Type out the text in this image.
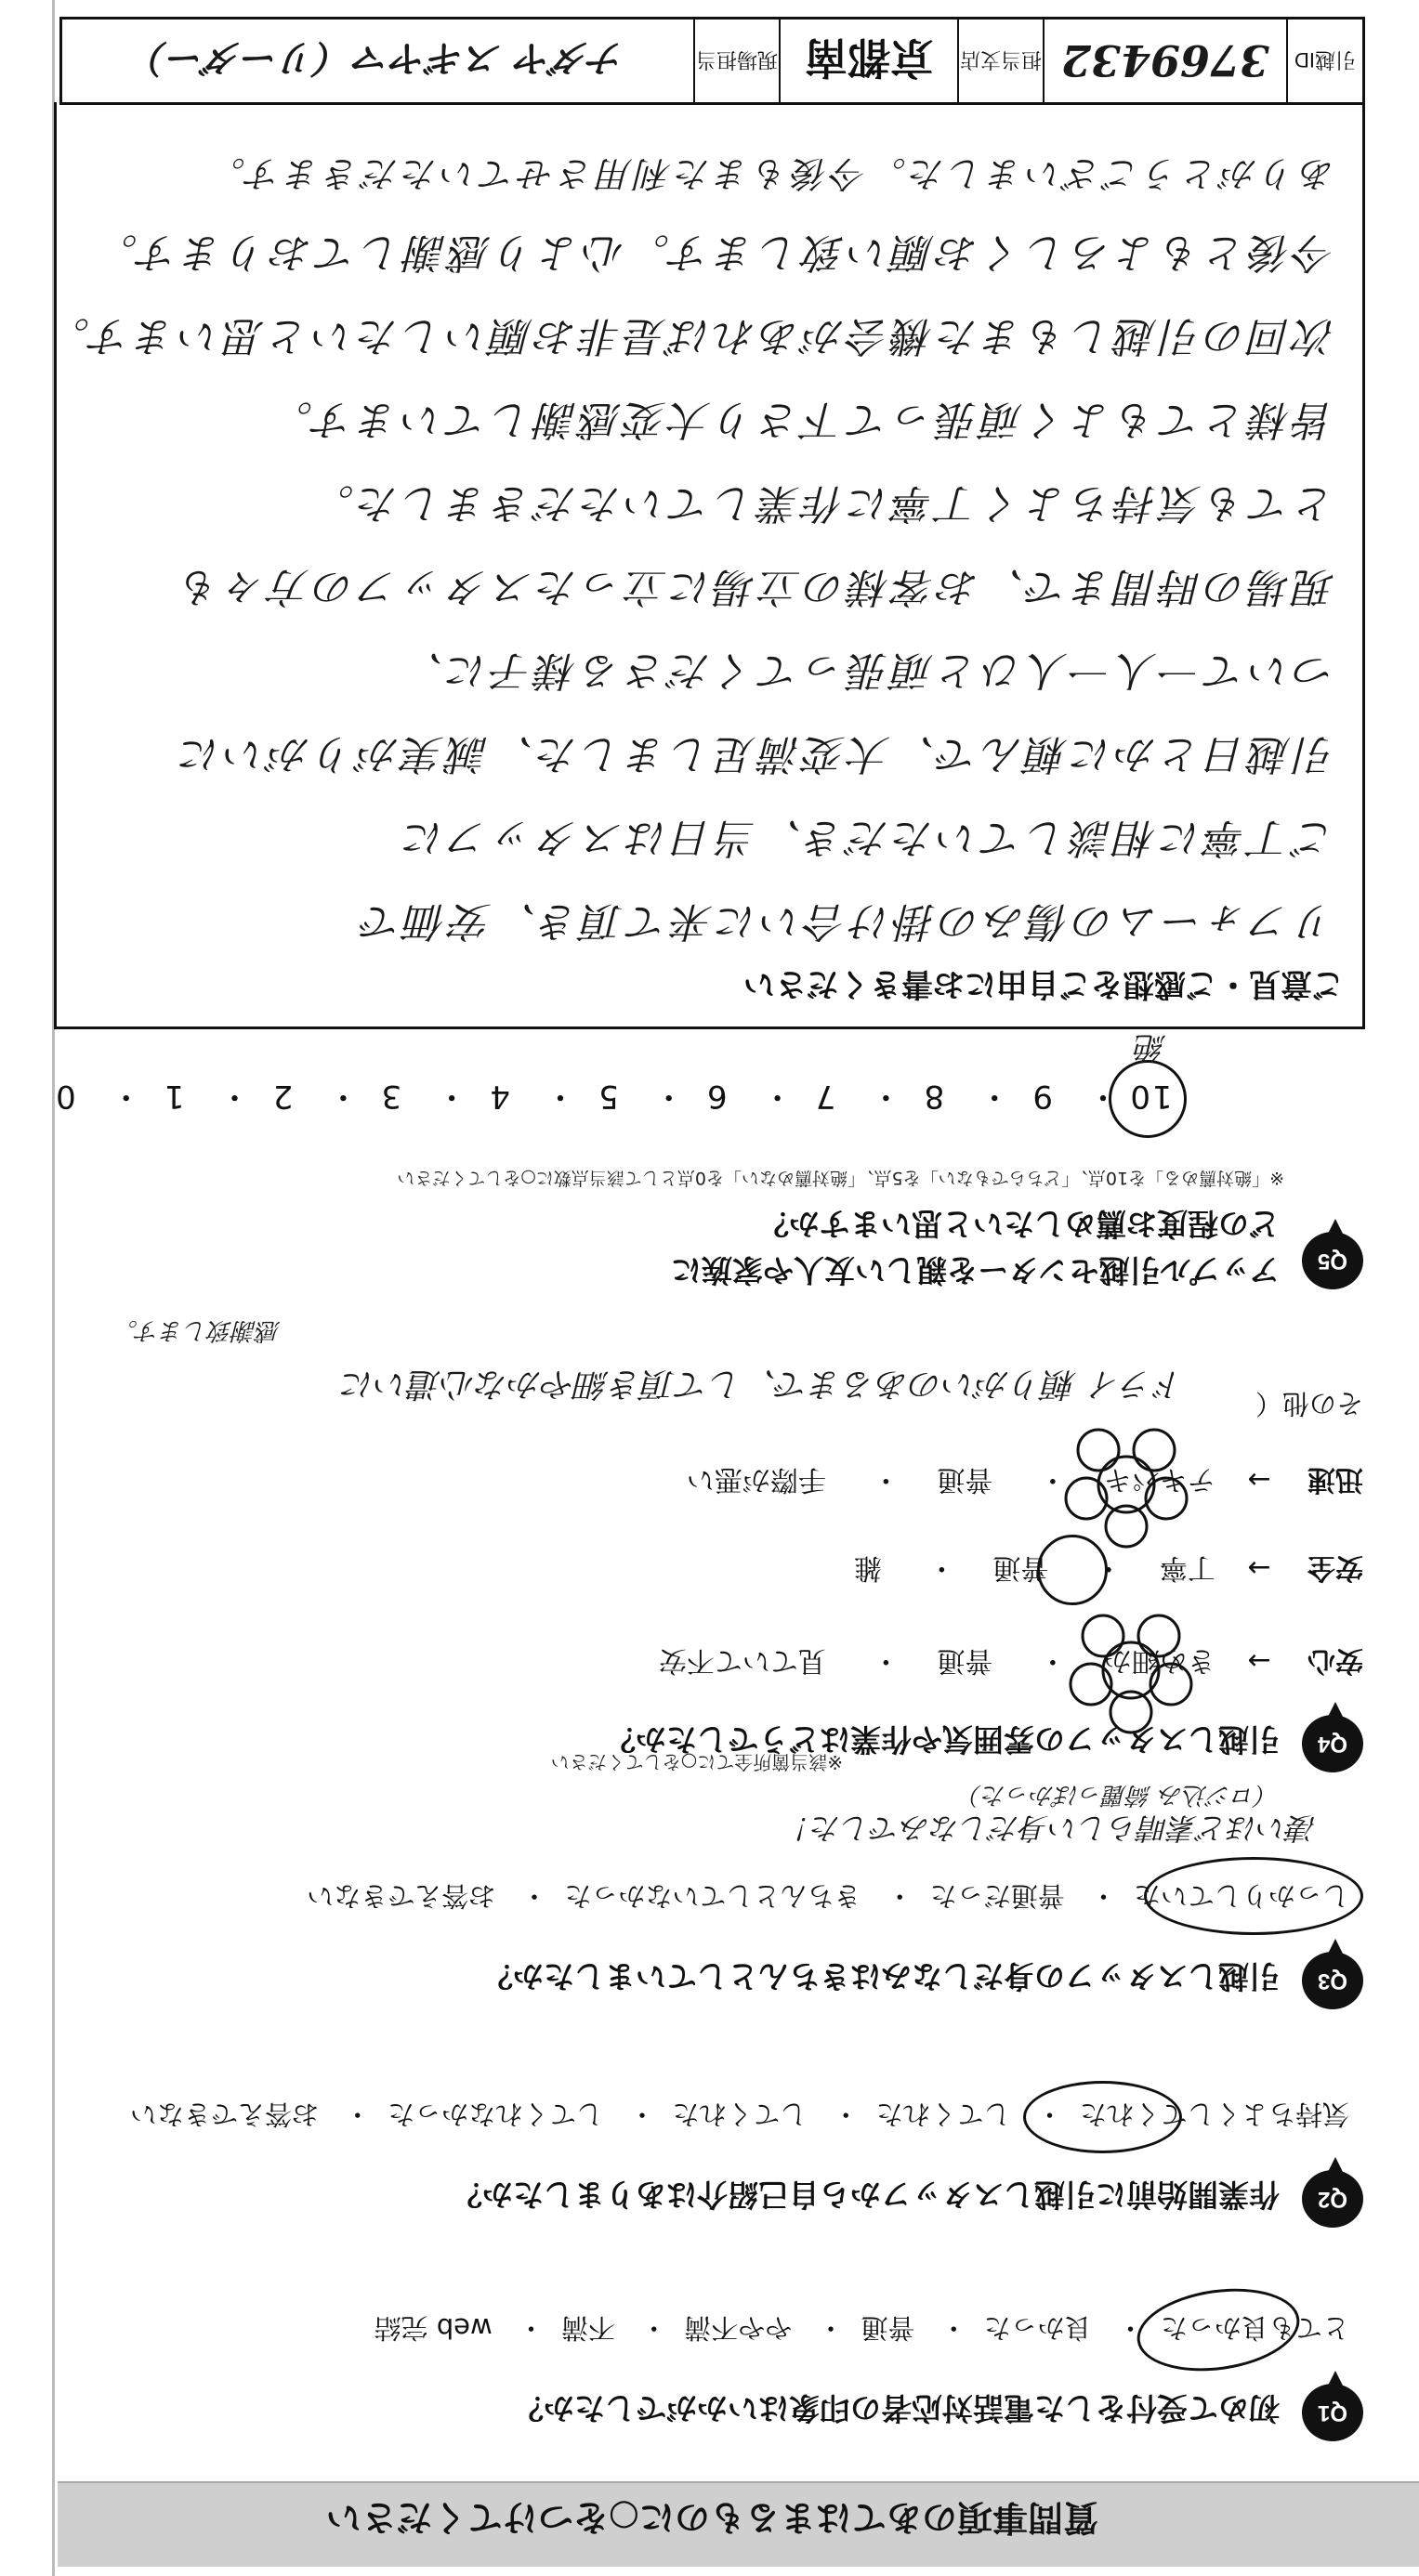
質問事項のあてはまるものに○をつけてください
Q1
初めて受付をした電話対応者の印象はいかがでしたか？
とても良かった・ 良かった・ 普通・ やや不満・ 不満・ web 完結
Q2
作業開始前に引越しスタッフから自己紹介はありましたか？
気持ちよくしてくれた・ してくれた・ してくれた・ してくれなかった・ お答えできない
Q3
引越しスタッフの身だしなみはきちんとしていましたか？
しっかりしていた・ 普通だった・ きちんとしていなかった・ お答えできない
凄いほど素晴らしい身だしなみでした！
（ロジ込み 綺麗っぽかった）
Q4
引越しスタッフの雰囲気や作業はどうでしたか？
※該当箇所全てに○をしてください
安心 → きめ細か・ 普通・ 見ていて不安
安全 → 丁寧・ 普通・ 雑
迅速 → テキパキ・ 普通・ 手際が悪い
その他（
ドライ 頼りがいのあるまで、して頂き細やかな心遣いに
感謝致します。
Q5
アップル引越センターを親しい友人や家族に
どの程度お薦めしたいと思いますか？
※「絶対薦める」を10点、「どちらでもない」を5点、「絶対薦めない」を0点として該当点数に○をしてください
10・ 9・ 8・ 7・ 6・ 5・ 4・ 3・ 2・ 1・ 0
絶
ご意見・ご感想をご自由にお書きください
リフォームの傷みの掛け合いに来て頂き、安価で
ご丁寧に相談していただき、当日はスタッフに
引越日とかに頼んで、大変満足しました、誠実がりがいに
ついて一人一人ひと頑張ってくださる様子に、
現場の時間まで、お客様の立場に立ったスタッフの方々も
とても気持ちよく丁寧に作業していただきました。
皆様とてもよく頑張って下さり大変感謝しています。
次回の引越しもまた機会があれば是非お願いしたいと思います。
今後ともよろしくお願い致します。心より感謝しております。
ありがとうございました。今後もまた利用させていただきます。
引越ID
3769432
担当支店
京都南
現場担当
ナダヤ スギヤマ（リーダー）
